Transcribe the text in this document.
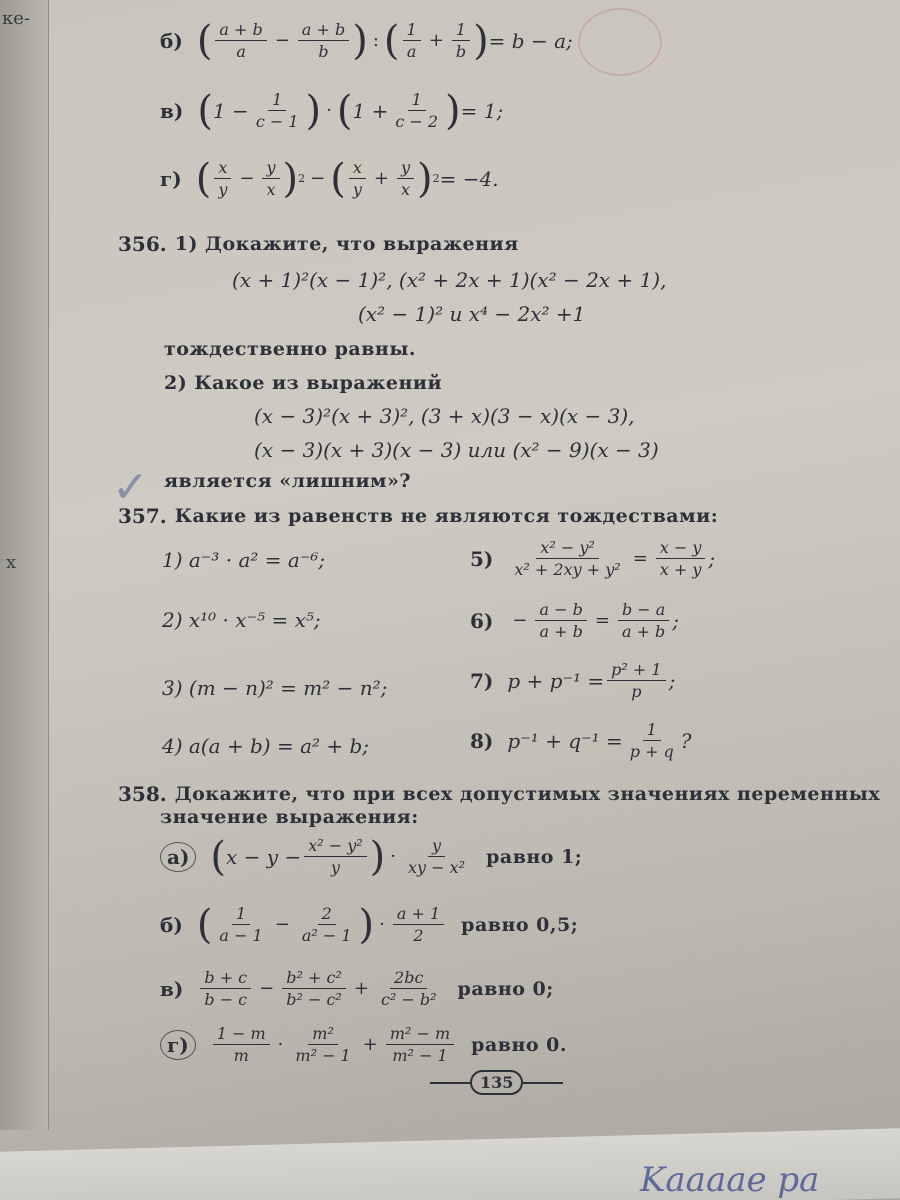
ке-
х
б) ( $\frac{a + b}{a} - \frac{a + b}{b}$ ) : ( $\frac{1}{a} + \frac{1}{b}$ ) = b − a;
в) ( $1 - \frac{1}{c - 1}$ ) · ( $1 + \frac{1}{c - 2}$ ) = 1;
г) ( $\frac{x}{y} - \frac{y}{x}$ ) 2 − ( $\frac{x}{y} + \frac{y}{x}$ ) 2 = −4.
356. 1) Докажите, что выражения
(x + 1)²(x − 1)², (x² + 2x + 1)(x² − 2x + 1),
(x² − 1)² и x⁴ − 2x² +1
тождественно равны.
2) Какое из выражений
(x − 3)²(x + 3)², (3 + x)(3 − x)(x − 3),
(x − 3)(x + 3)(x − 3) или (x² − 9)(x − 3)
✓ является «лишним»?
357. Какие из равенств не являются тождествами:
1) a⁻³ · a² = a⁻⁶;
2) x¹⁰ · x⁻⁵ = x⁵;
3) (m − n)² = m² − n²;
4) a(a + b) = a² + b;
$5) \frac{\text{x² − y²}}{\text{x² + 2xy + y²}} = \frac{x - y}{x + y}$ ;
$6) - \frac{a - b}{a + b} = \frac{b - a}{a + b}$ ;
7) $p + p^{-1} = \frac{\text{p² + 1}}{p}$ ;
8) $p^{-1} + q^{-1} = \frac{1}{p + q}$ ?
358. Докажите, что при всех допустимых значениях переменных
значение выражения:
а) ( $x - y - \frac{\text{x² − y²}}{y}$ ) · $\frac{y}{\text{xy − x²}}$ равно 1;
б) ( $\frac{1}{a - 1} - \frac{2}{\text{a² − 1}}$ ) · $\frac{a + 1}{2}$ равно 0,5;
$в) \frac{b + c}{b - c} - \frac{\text{b² + c²}}{\text{b² − c²}} + \frac{2bc}{\text{c² − b²}}$ равно 0;
г)	$\frac{1 - m}{m} \cdot \frac{\text{m²}}{\text{m² − 1}} + \frac{\text{m² − m}}{\text{m² − 1}}$ равно 0.
135
Kaaaae pa
